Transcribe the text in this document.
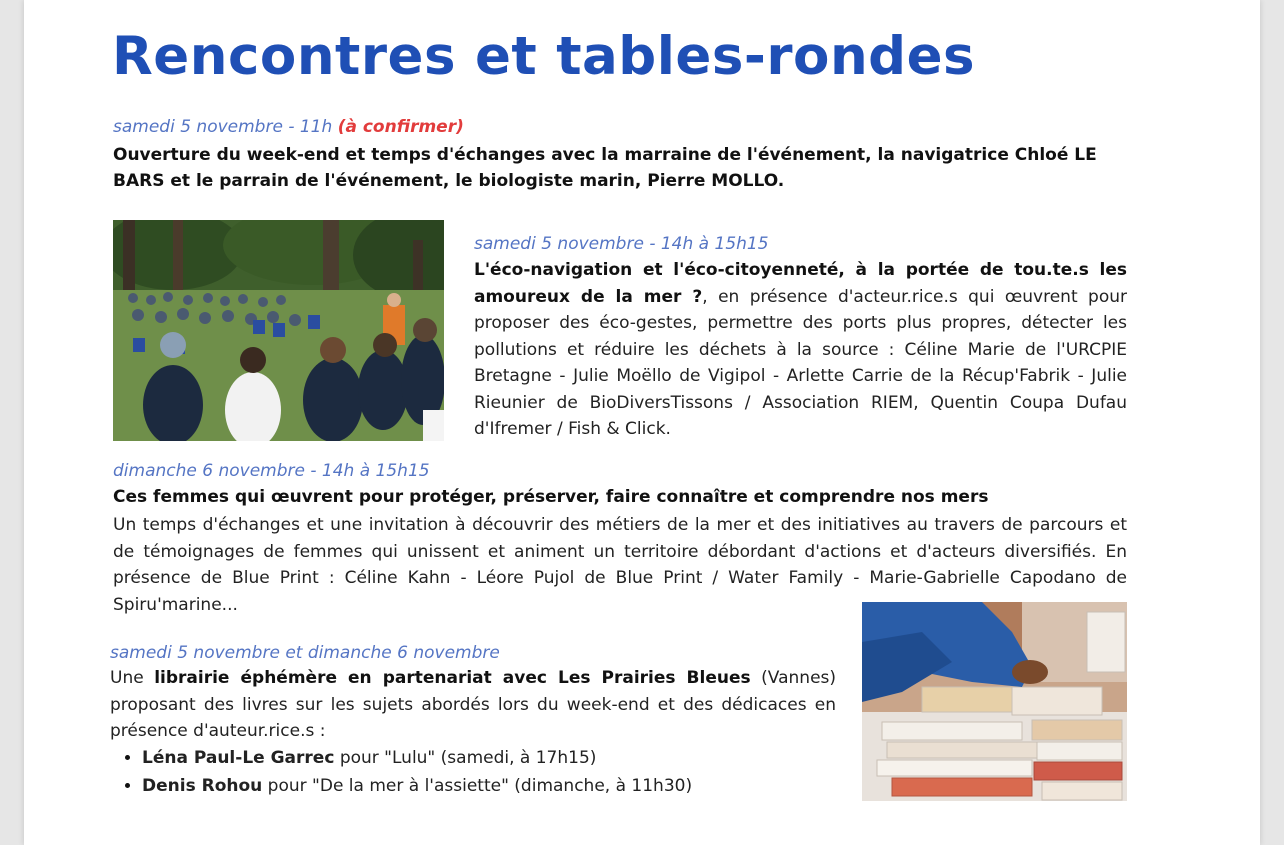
Rencontres et tables-rondes

samedi 5 novembre - 11h (à confirmer)

Ouverture du week-end et temps d'échanges avec la marraine de l'événement, la navigatrice Chloé LE BARS et le parrain de l'événement, le biologiste marin, Pierre MOLLO.

samedi 5 novembre - 14h à 15h15

L'éco-navigation et l'éco-citoyenneté, à la portée de tou.te.s les amoureux de la mer ?, en présence d'acteur.rice.s qui œuvrent pour proposer des éco-gestes, permettre des ports plus propres, détecter les pollutions et réduire les déchets à la source : Céline Marie de l'URCPIE Bretagne - Julie Moëllo de Vigipol - Arlette Carrie de la Récup'Fabrik - Julie Rieunier de BioDiversTissons / Association RIEM, Quentin Coupa Dufau d'Ifremer / Fish & Click.

dimanche 6 novembre - 14h à 15h15

Ces femmes qui œuvrent pour protéger, préserver, faire connaître et comprendre nos mers

Un temps d'échanges et une invitation à découvrir des métiers de la mer et des initiatives au travers de parcours et de témoignages de femmes qui unissent et animent un territoire débordant d'actions et d'acteurs diversifiés. En présence de Blue Print : Céline Kahn - Léore Pujol de Blue Print / Water Family - Marie-Gabrielle Capodano de Spiru'marine...

samedi 5 novembre et dimanche 6 novembre

Une librairie éphémère en partenariat avec Les Prairies Bleues (Vannes) proposant des livres sur les sujets abordés lors du week-end et des dédicaces en présence d'auteur.rice.s :

• Léna Paul-Le Garrec pour "Lulu" (samedi, à 17h15)
• Denis Rohou pour "De la mer à l'assiette" (dimanche, à 11h30)
